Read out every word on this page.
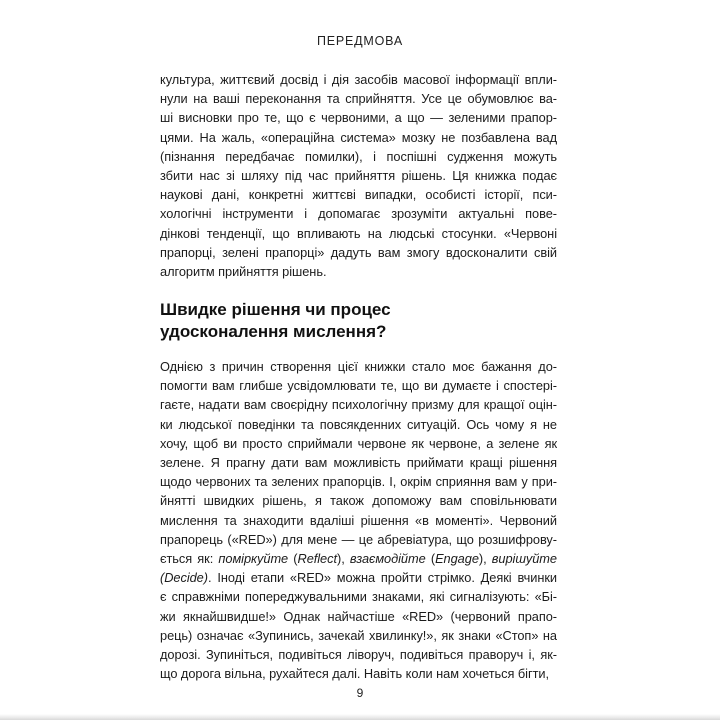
ПЕРЕДМОВА
культура, життєвий досвід і дія засобів масової інформації впли-
нули на ваші переконання та сприйняття. Усе це обумовлює ва-
ші висновки про те, що є червоними, а що — зеленими прапор-
цями. На жаль, «операційна система» мозку не позбавлена вад
(пізнання передбачає помилки), і поспішні судження можуть
збити нас зі шляху під час прийняття рішень. Ця книжка подає
наукові дані, конкретні життєві випадки, особисті історії, пси-
хологічні інструменти і допомагає зрозуміти актуальні пове-
дінкові тенденції, що впливають на людські стосунки. «Червоні
прапорці, зелені прапорці» дадуть вам змогу вдосконалити свій
алгоритм прийняття рішень.
Швидке рішення чи процес
удосконалення мислення?
Однією з причин створення цієї книжки стало моє бажання до-
помогти вам глибше усвідомлювати те, що ви думаєте і спостері-
гаєте, надати вам своєрідну психологічну призму для кращої оцін-
ки людської поведінки та повсякденних ситуацій. Ось чому я не
хочу, щоб ви просто сприймали червоне як червоне, а зелене як
зелене. Я прагну дати вам можливість приймати кращі рішення
щодо червоних та зелених прапорців. І, окрім сприяння вам у при-
йнятті швидких рішень, я також допоможу вам сповільнювати
мислення та знаходити вдаліші рішення «в моменті». Червоний
прапорець («RED») для мене — це абревіатура, що розшифрову-
ється як: поміркуйте (Reflect), взаємодійте (Engage), вирішуйте
(Decide). Іноді етапи «RED» можна пройти стрімко. Деякі вчинки
є справжніми попереджувальними знаками, які сигналізують: «Бі-
жи якнайшвидше!» Однак найчастіше «RED» (червоний прапо-
рець) означає «Зупинись, зачекай хвилинку!», як знаки «Стоп» на
дорозі. Зупиніться, подивіться ліворуч, подивіться праворуч і, як-
що дорога вільна, рухайтеся далі. Навіть коли нам хочеться бігти,
9
